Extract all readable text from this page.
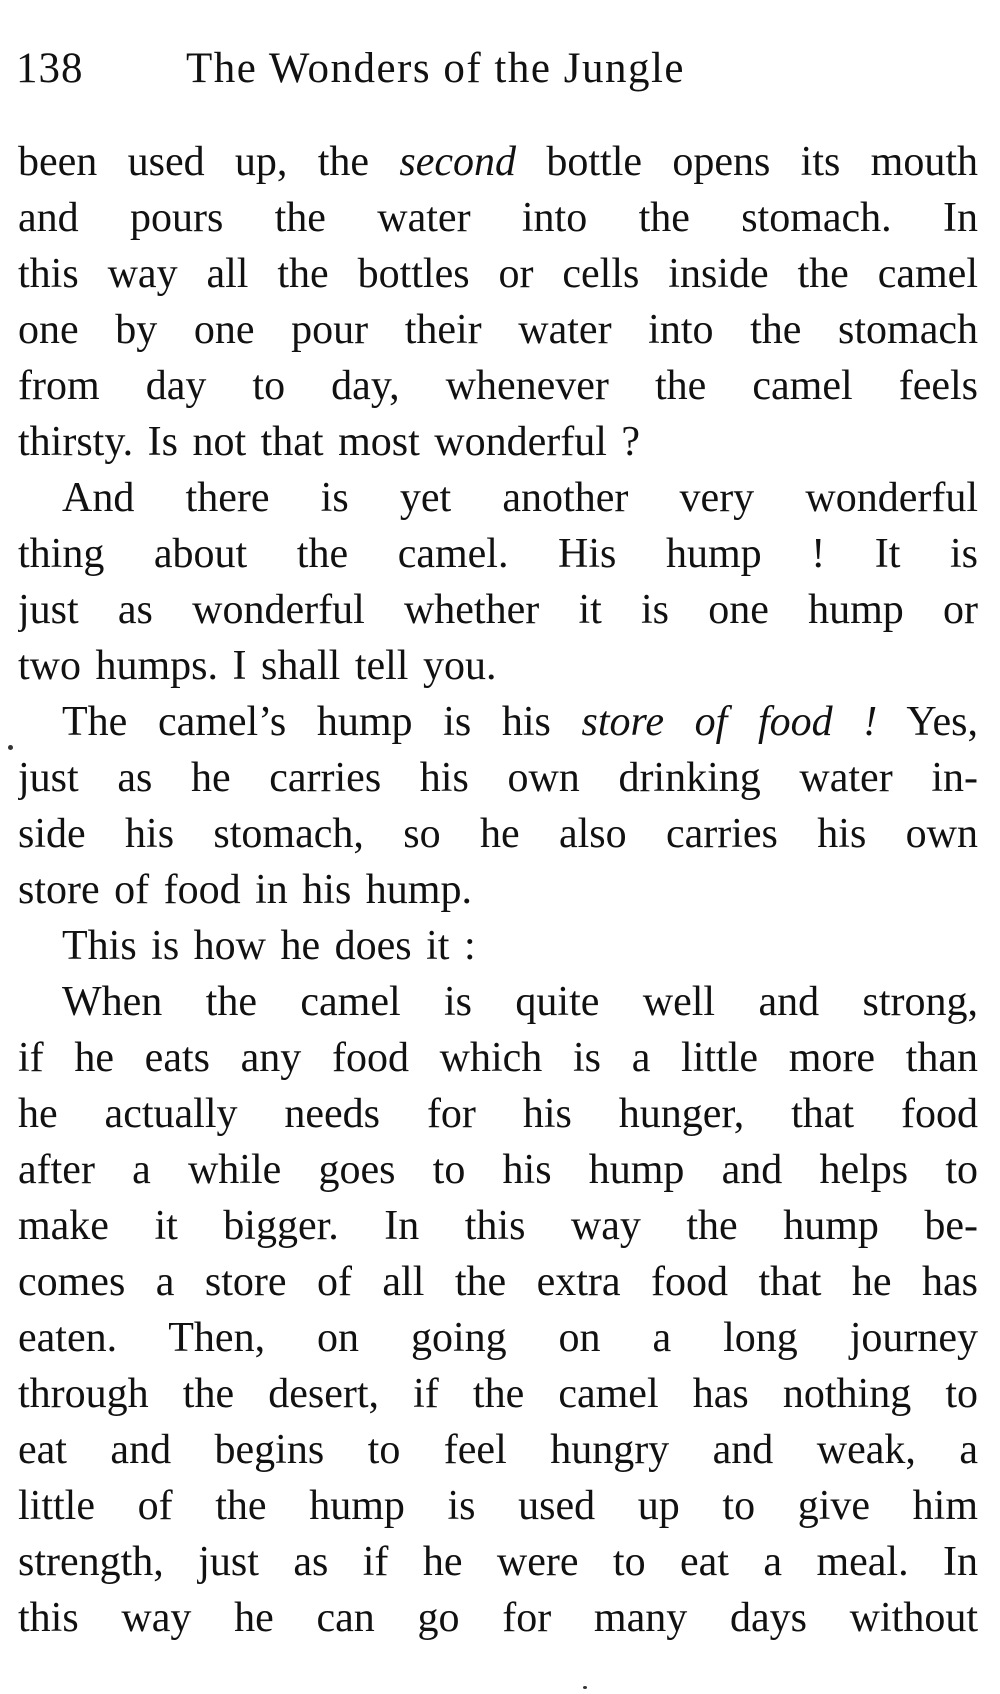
138 The Wonders of the Jungle
been used up, the second bottle opens its mouth
and pours the water into the stomach. In
this way all the bottles or cells inside the camel
one by one pour their water into the stomach
from day to day, whenever the camel feels
thirsty. Is not that most wonderful ?
And there is yet another very wonderful
thing about the camel. His hump ! It is
just as wonderful whether it is one hump or
two humps. I shall tell you.
The camel’s hump is his store of food ! Yes,
just as he carries his own drinking water in-
side his stomach, so he also carries his own
store of food in his hump.
This is how he does it :
When the camel is quite well and strong,
if he eats any food which is a little more than
he actually needs for his hunger, that food
after a while goes to his hump and helps to
make it bigger. In this way the hump be-
comes a store of all the extra food that he has
eaten. Then, on going on a long journey
through the desert, if the camel has nothing to
eat and begins to feel hungry and weak, a
little of the hump is used up to give him
strength, just as if he were to eat a meal. In
this way he can go for many days without
